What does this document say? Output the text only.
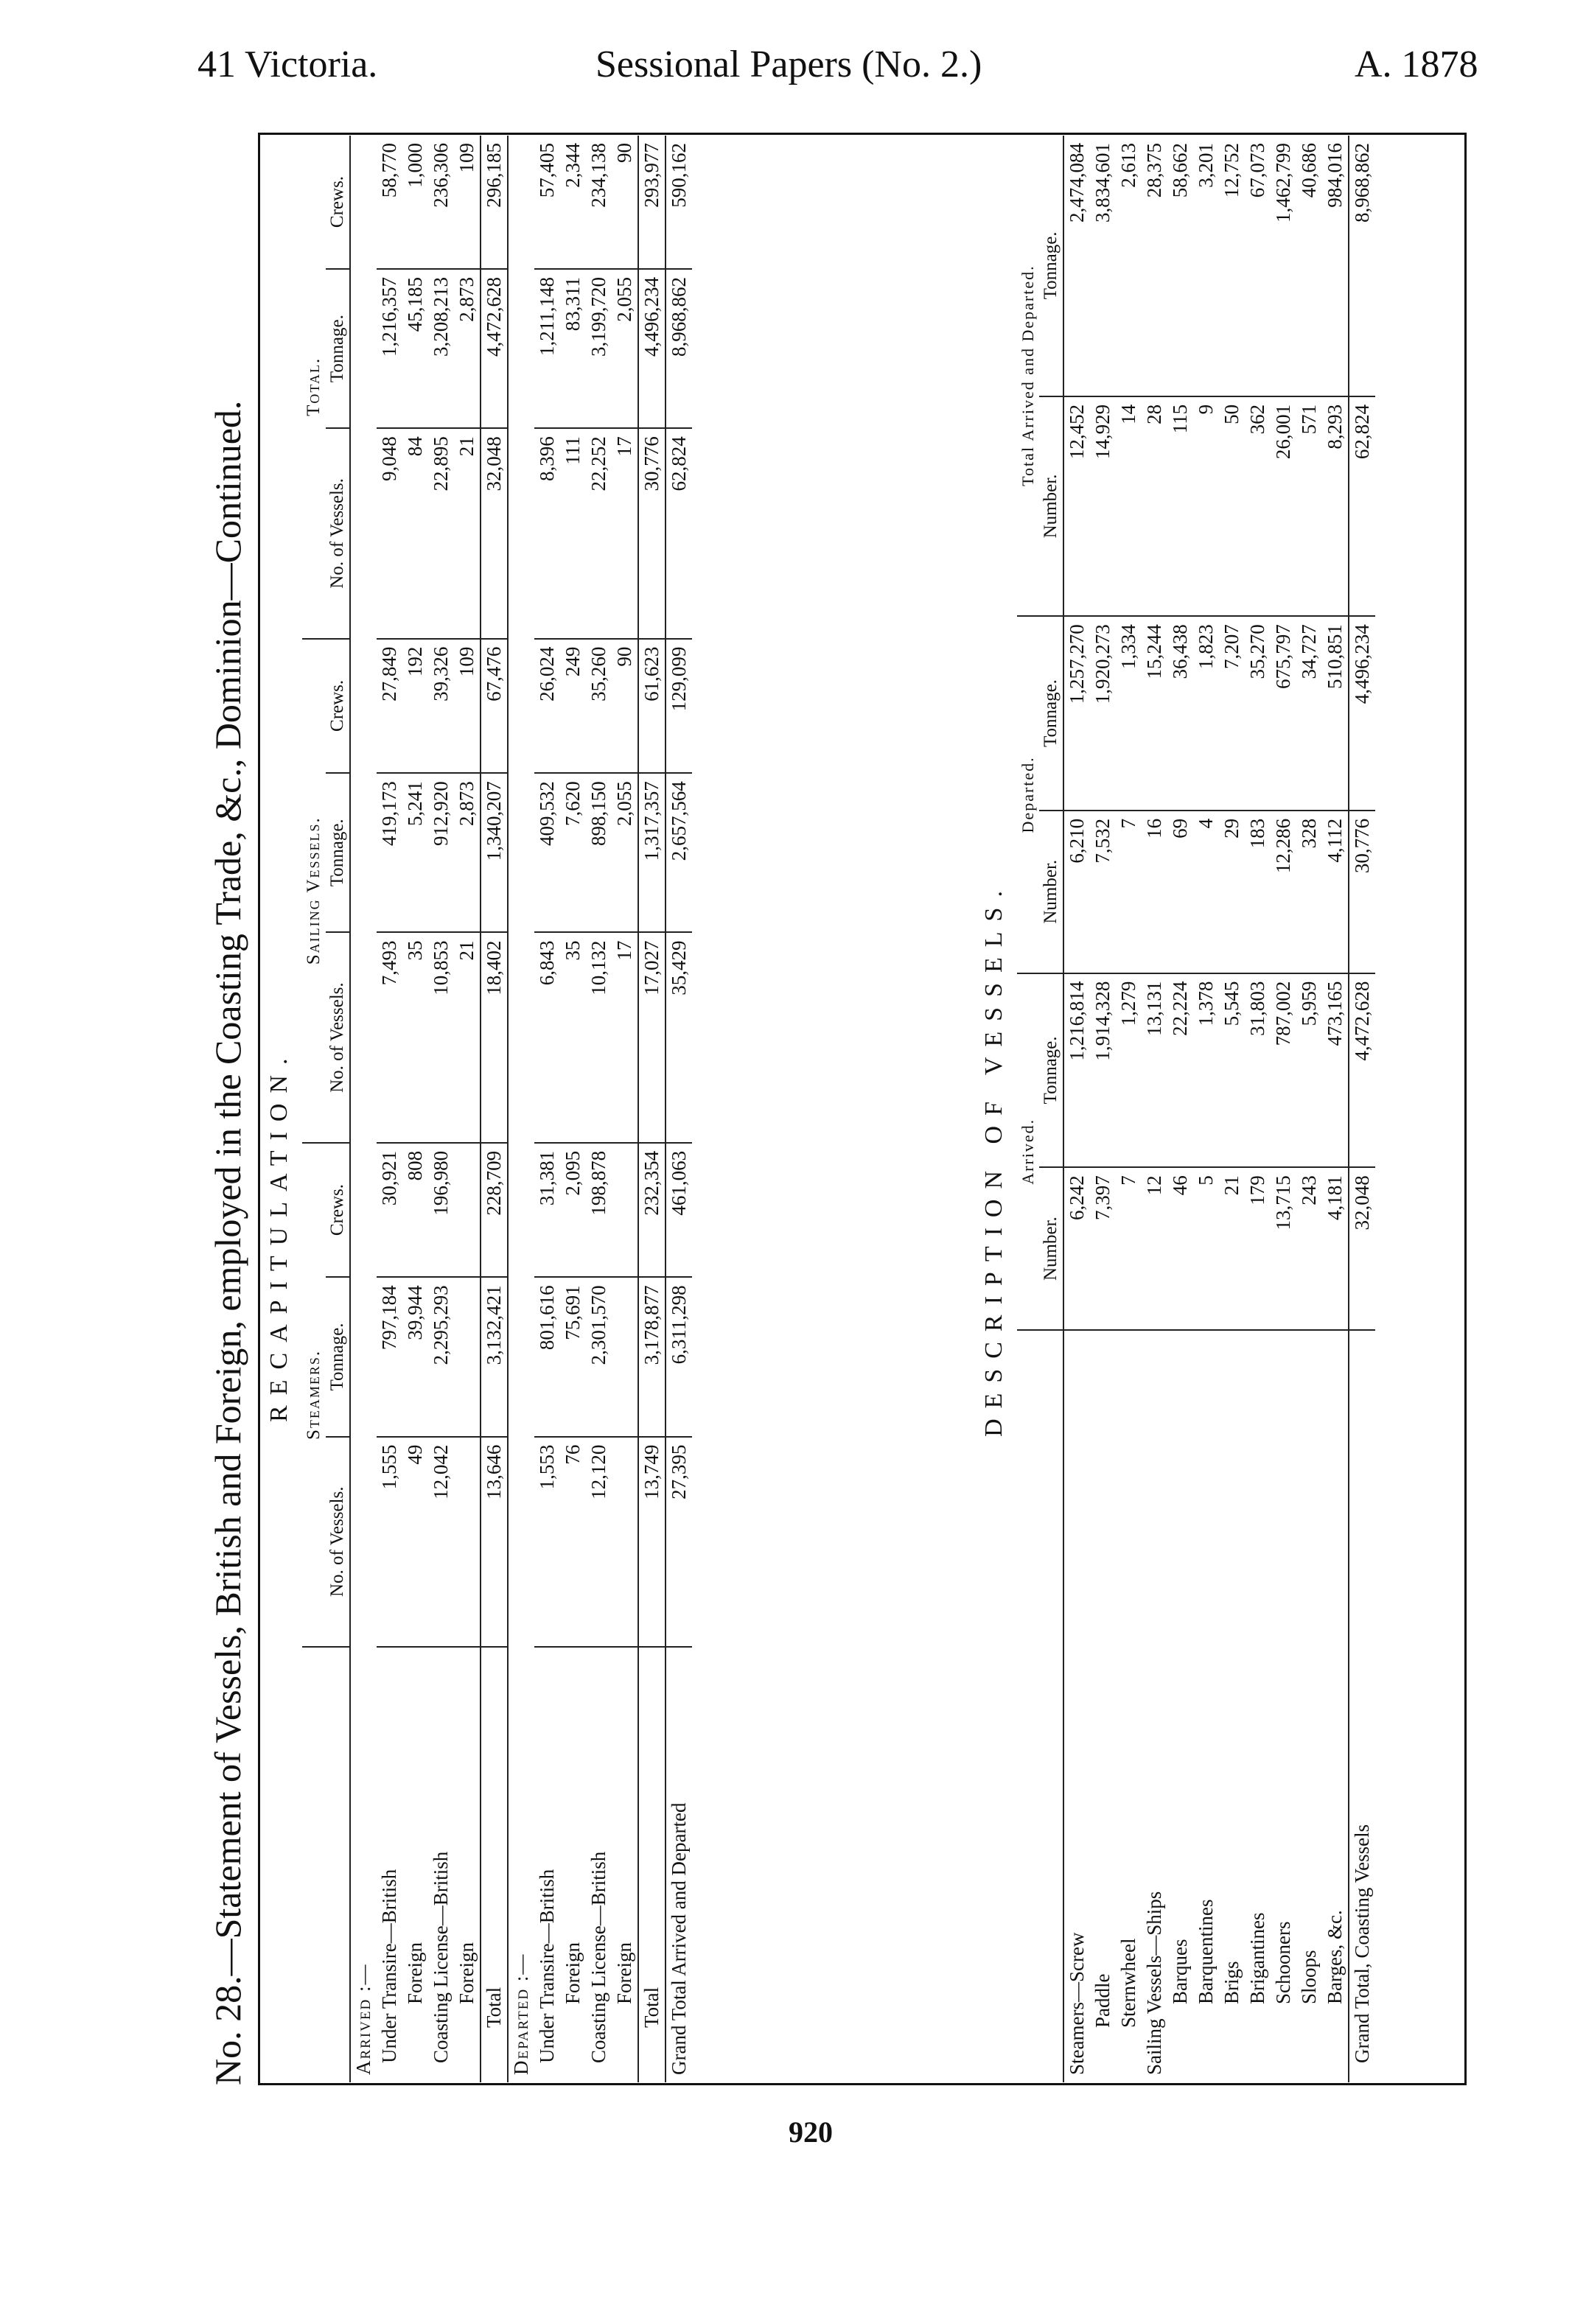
41 Victoria.	Sessional Papers (No. 2.)	A. 1878
No. 28.—Statement of Vessels, British and Foreign, employed in the Coasting Trade, &c., Dominion—Continued. RECAPITULATION.
	Steamers.			Sailing Vessels.			Total.		
	No. of Vessels.	Tonnage.	Crews.	No. of Vessels.	Tonnage.	Crews.	No. of Vessels.	Tonnage.	Crews.
Arrived :—									
Under Transire—British	1,555	797,184	30,921	7,493	419,173	27,849	9,048	1,216,357	58,770
Foreign	49	39,944	808	35	5,241	192	84	45,185	1,000
Coasting License—British	12,042	2,295,293	196,980	10,853	912,920	39,326	22,895	3,208,213	236,306
Foreign				21	2,873	109	21	2,873	109
Total	13,646	3,132,421	228,709	18,402	1,340,207	67,476	32,048	4,472,628	296,185
Departed :—									
Under Transire—British	1,553	801,616	31,381	6,843	409,532	26,024	8,396	1,211,148	57,405
Foreign	76	75,691	2,095	35	7,620	249	111	83,311	2,344
Coasting License—British	12,120	2,301,570	198,878	10,132	898,150	35,260	22,252	3,199,720	234,138
Foreign				17	2,055	90	17	2,055	90
Total	13,749	3,178,877	232,354	17,027	1,317,357	61,623	30,776	4,496,234	293,977
Grand Total Arrived and Departed	27,395	6,311,298	461,063	35,429	2,657,564	129,099	62,824	8,968,862	590,162
DESCRIPTION OF VESSELS.
	Arrived.		Departed.		Total Arrived and Departed.	
	Number.	Tonnage.	Number.	Tonnage.	Number.	Tonnage.
Steamers—Screw	6,242	1,216,814	6,210	1,257,270	12,452	2,474,084
Paddle	7,397	1,914,328	7,532	1,920,273	14,929	3,834,601
Sternwheel	7	1,279	7	1,334	14	2,613
Sailing Vessels—Ships	12	13,131	16	15,244	28	28,375
Barques	46	22,224	69	36,438	115	58,662
Barquentines	5	1,378	4	1,823	9	3,201
Brigs	21	5,545	29	7,207	50	12,752
Brigantines	179	31,803	183	35,270	362	67,073
Schooners	13,715	787,002	12,286	675,797	26,001	1,462,799
Sloops	243	5,959	328	34,727	571	40,686
Barges, &c.	4,181	473,165	4,112	510,851	8,293	984,016
Grand Total, Coasting Vessels	32,048	4,472,628	30,776	4,496,234	62,824	8,968,862
920
